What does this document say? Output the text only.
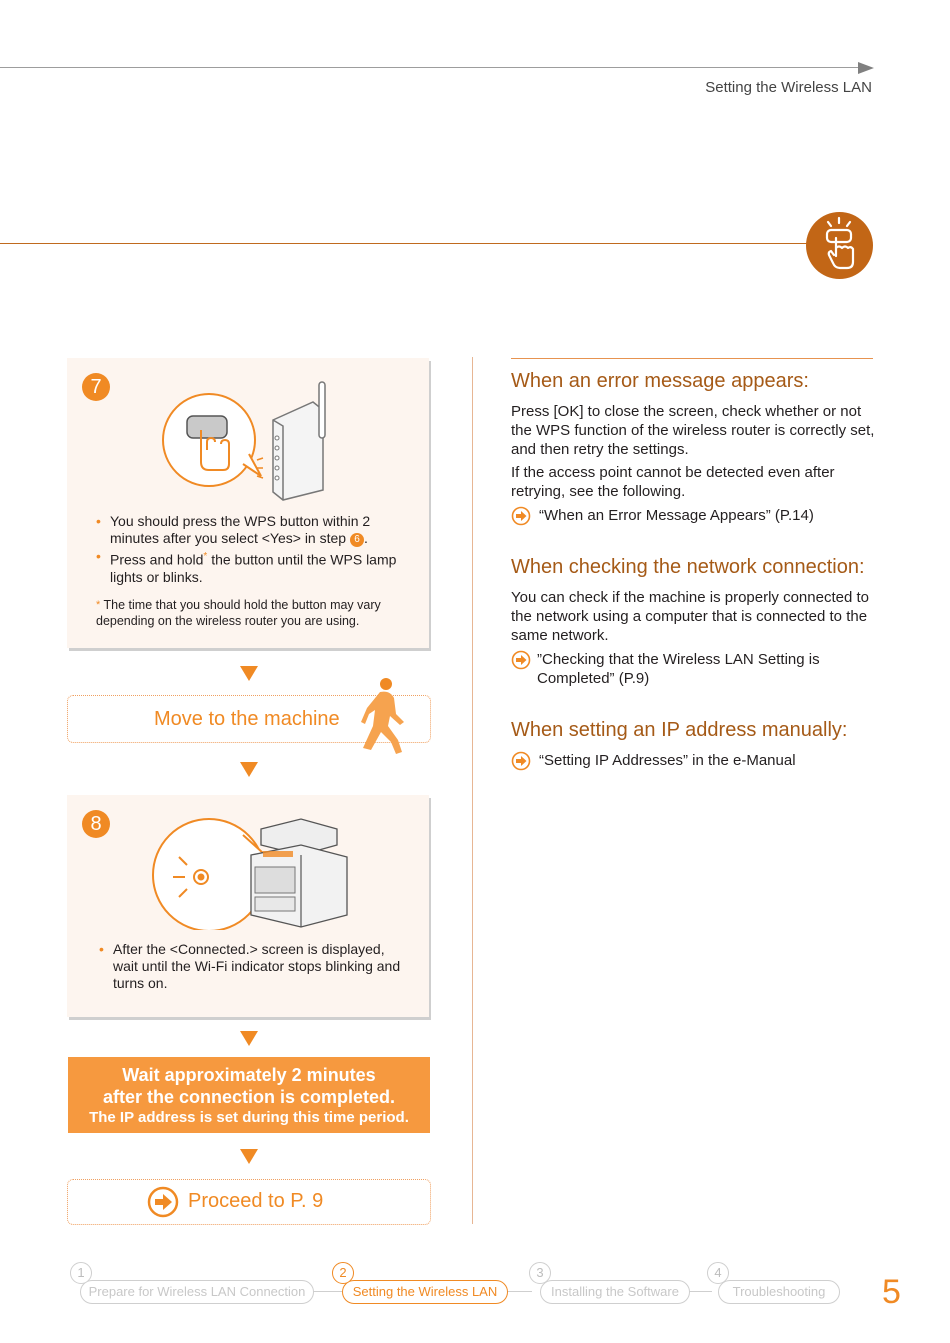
Setting the Wireless LAN
7
• You should press the WPS button within 2 minutes after you select <Yes> in step 6 .
• Press and hold* the button until the WPS lamp lights or blinks.
* The time that you should hold the button may vary depending on the wireless router you are using.
Move to the machine
8
• After the <Connected.> screen is displayed, wait until the Wi-Fi indicator stops blinking and turns on.
Wait approximately 2 minutes
after the connection is completed.
The IP address is set during this time period.
Proceed to P. 9
When an error message appears:

Press [OK] to close the screen, check whether or not the WPS function of the wireless router is correctly set, and then retry the settings.

If the access point cannot be detected even after retrying, see the following.

“When an Error Message Appears” (P.14)
When checking the network connection:

You can check if the machine is properly connected to the network using a computer that is connected to the same network.

”Checking that the Wireless LAN Setting is Completed” (P.9)
When setting an IP address manually:
“Setting IP Addresses” in the e-Manual
Prepare for Wireless LAN Connection
1
Setting the Wireless LAN
2
Installing the Software
3
Troubleshooting
4
5
